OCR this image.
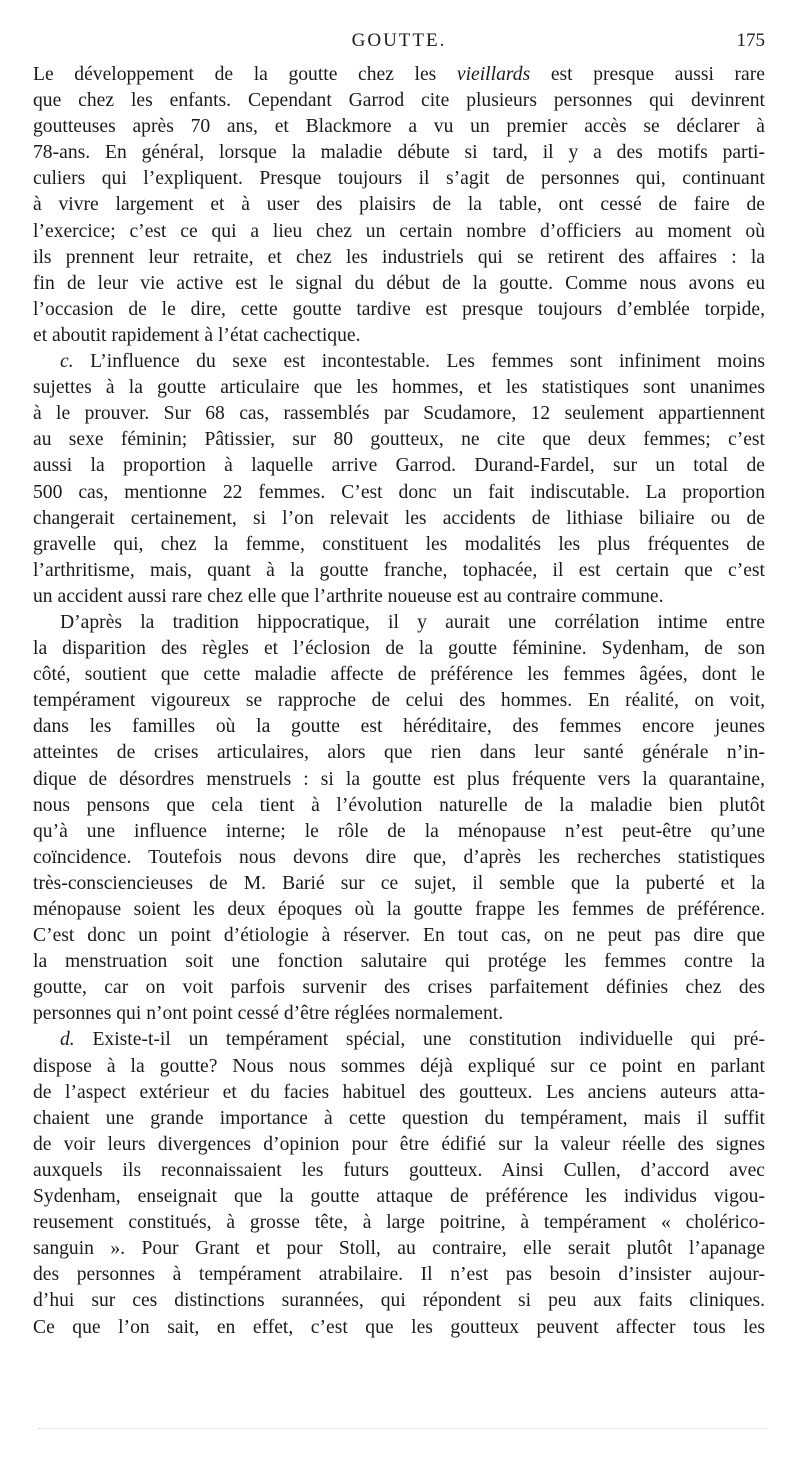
GOUTTE.	175
Le développement de la goutte chez les vieillards est presque aussi rare
que chez les enfants. Cependant Garrod cite plusieurs personnes qui devinrent
goutteuses après 70 ans, et Blackmore a vu un premier accès se déclarer à
78-ans. En général, lorsque la maladie débute si tard, il y a des motifs parti-
culiers qui l’expliquent. Presque toujours il s’agit de personnes qui, continuant
à vivre largement et à user des plaisirs de la table, ont cessé de faire de
l’exercice; c’est ce qui a lieu chez un certain nombre d’officiers au moment où
ils prennent leur retraite, et chez les industriels qui se retirent des affaires : la
fin de leur vie active est le signal du début de la goutte. Comme nous avons eu
l’occasion de le dire, cette goutte tardive est presque toujours d’emblée torpide,
et aboutit rapidement à l’état cachectique.
c. L’influence du sexe est incontestable. Les femmes sont infiniment moins
sujettes à la goutte articulaire que les hommes, et les statistiques sont unanimes
à le prouver. Sur 68 cas, rassemblés par Scudamore, 12 seulement appartiennent
au sexe féminin; Pâtissier, sur 80 goutteux, ne cite que deux femmes; c’est
aussi la proportion à laquelle arrive Garrod. Durand-Fardel, sur un total de
500 cas, mentionne 22 femmes. C’est donc un fait indiscutable. La proportion
changerait certainement, si l’on relevait les accidents de lithiase biliaire ou de
gravelle qui, chez la femme, constituent les modalités les plus fréquentes de
l’arthritisme, mais, quant à la goutte franche, tophacée, il est certain que c’est
un accident aussi rare chez elle que l’arthrite noueuse est au contraire commune.
D’après la tradition hippocratique, il y aurait une corrélation intime entre
la disparition des règles et l’éclosion de la goutte féminine. Sydenham, de son
côté, soutient que cette maladie affecte de préférence les femmes âgées, dont le
tempérament vigoureux se rapproche de celui des hommes. En réalité, on voit,
dans les familles où la goutte est héréditaire, des femmes encore jeunes
atteintes de crises articulaires, alors que rien dans leur santé générale n’in-
dique de désordres menstruels : si la goutte est plus fréquente vers la quarantaine,
nous pensons que cela tient à l’évolution naturelle de la maladie bien plutôt
qu’à une influence interne; le rôle de la ménopause n’est peut-être qu’une
coïncidence. Toutefois nous devons dire que, d’après les recherches statistiques
très-consciencieuses de M. Barié sur ce sujet, il semble que la puberté et la
ménopause soient les deux époques où la goutte frappe les femmes de préférence.
C’est donc un point d’étiologie à réserver. En tout cas, on ne peut pas dire que
la menstruation soit une fonction salutaire qui protége les femmes contre la
goutte, car on voit parfois survenir des crises parfaitement définies chez des
personnes qui n’ont point cessé d’être réglées normalement.
d. Existe-t-il un tempérament spécial, une constitution individuelle qui pré-
dispose à la goutte? Nous nous sommes déjà expliqué sur ce point en parlant
de l’aspect extérieur et du facies habituel des goutteux. Les anciens auteurs atta-
chaient une grande importance à cette question du tempérament, mais il suffit
de voir leurs divergences d’opinion pour être édifié sur la valeur réelle des signes
auxquels ils reconnaissaient les futurs goutteux. Ainsi Cullen, d’accord avec
Sydenham, enseignait que la goutte attaque de préférence les individus vigou-
reusement constitués, à grosse tête, à large poitrine, à tempérament « cholérico-
sanguin ». Pour Grant et pour Stoll, au contraire, elle serait plutôt l’apanage
des personnes à tempérament atrabilaire. Il n’est pas besoin d’insister aujour-
d’hui sur ces distinctions surannées, qui répondent si peu aux faits cliniques.
Ce que l’on sait, en effet, c’est que les goutteux peuvent affecter tous les
